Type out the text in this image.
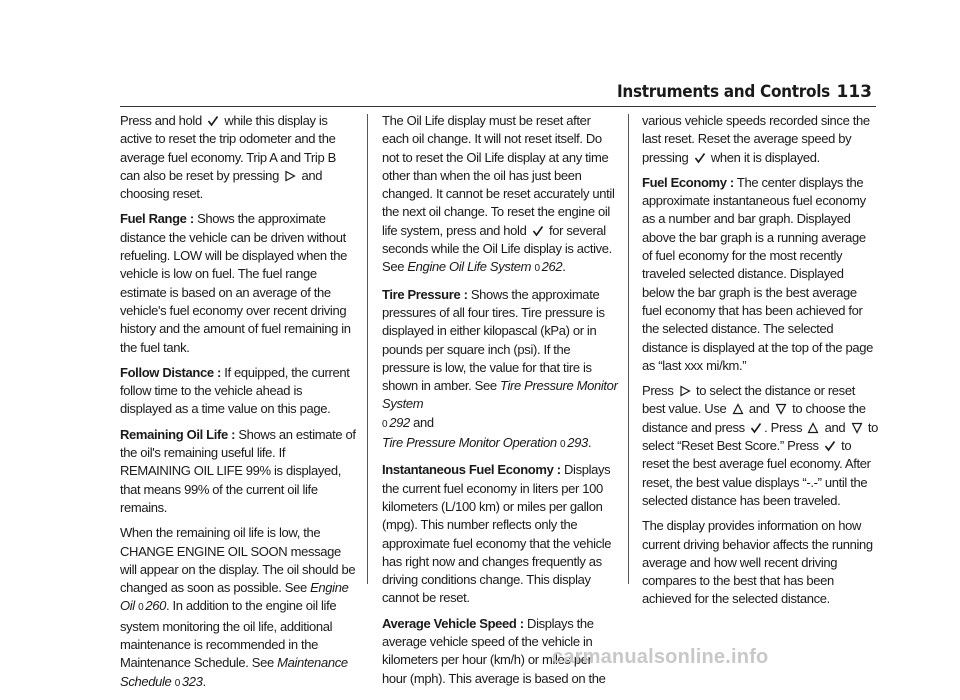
Instruments and Controls 113

Press and hold while this display is active to reset the trip odometer and the average fuel economy. Trip A and Trip B can also be reset by pressing and choosing reset.

Fuel Range : Shows the approximate distance the vehicle can be driven without refueling. LOW will be displayed when the vehicle is low on fuel. The fuel range estimate is based on an average of the vehicle's fuel economy over recent driving history and the amount of fuel remaining in the fuel tank.

Follow Distance : If equipped, the current follow time to the vehicle ahead is displayed as a time value on this page.

Remaining Oil Life : Shows an estimate of the oil's remaining useful life. If REMAINING OIL LIFE 99% is displayed, that means 99% of the current oil life remains.

When the remaining oil life is low, the CHANGE ENGINE OIL SOON message will appear on the display. The oil should be changed as soon as possible. See Engine Oil 0 260. In addition to the engine oil life system monitoring the oil life, additional maintenance is recommended in the Maintenance Schedule. See Maintenance Schedule 0 323.

The Oil Life display must be reset after each oil change. It will not reset itself. Do not to reset the Oil Life display at any time other than when the oil has just been changed. It cannot be reset accurately until the next oil change. To reset the engine oil life system, press and hold for several seconds while the Oil Life display is active. See Engine Oil Life System 0 262.

Tire Pressure : Shows the approximate pressures of all four tires. Tire pressure is displayed in either kilopascal (kPa) or in pounds per square inch (psi). If the pressure is low, the value for that tire is shown in amber. See Tire Pressure Monitor System
0 292 and
Tire Pressure Monitor Operation 0 293.

Instantaneous Fuel Economy : Displays the current fuel economy in liters per 100 kilometers (L/100 km) or miles per gallon (mpg). This number reflects only the approximate fuel economy that the vehicle has right now and changes frequently as driving conditions change. This display cannot be reset.

Average Vehicle Speed : Displays the average vehicle speed of the vehicle in kilometers per hour (km/h) or miles per hour (mph). This average is based on the

various vehicle speeds recorded since the last reset. Reset the average speed by pressing when it is displayed.

Fuel Economy : The center displays the approximate instantaneous fuel economy as a number and bar graph. Displayed above the bar graph is a running average of fuel economy for the most recently traveled selected distance. Displayed below the bar graph is the best average fuel economy that has been achieved for the selected distance. The selected distance is displayed at the top of the page as “last xxx mi/km.”

Press to select the distance or reset best value. Use and to choose the distance and press . Press and to select “Reset Best Score.” Press to reset the best average fuel economy. After reset, the best value displays “-.-” until the selected distance has been traveled.

The display provides information on how current driving behavior affects the running average and how well recent driving compares to the best that has been achieved for the selected distance.

carmanualsonline.info
